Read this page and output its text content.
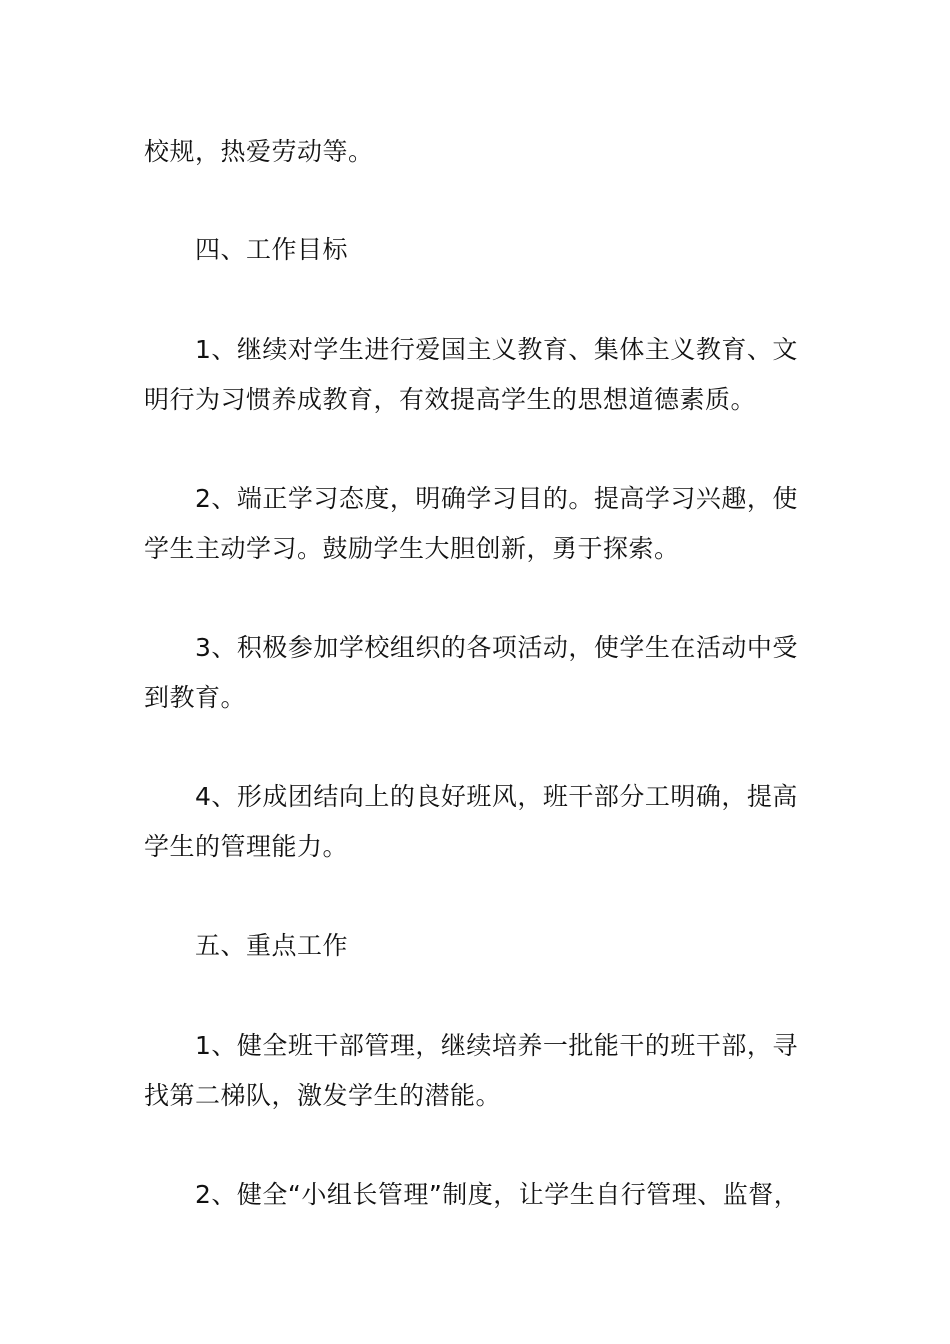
校规，热爱劳动等。
四、工作目标
1、继续对学生进行爱国主义教育、集体主义教育、文
明行为习惯养成教育，有效提高学生的思想道德素质。
2、端正学习态度，明确学习目的。提高学习兴趣，使
学生主动学习。鼓励学生大胆创新，勇于探索。
3、积极参加学校组织的各项活动，使学生在活动中受
到教育。
4、形成团结向上的良好班风，班干部分工明确，提高
学生的管理能力。
五、重点工作
1、健全班干部管理，继续培养一批能干的班干部，寻
找第二梯队，激发学生的潜能。
2、健全“小组长管理”制度，让学生自行管理、监督，
